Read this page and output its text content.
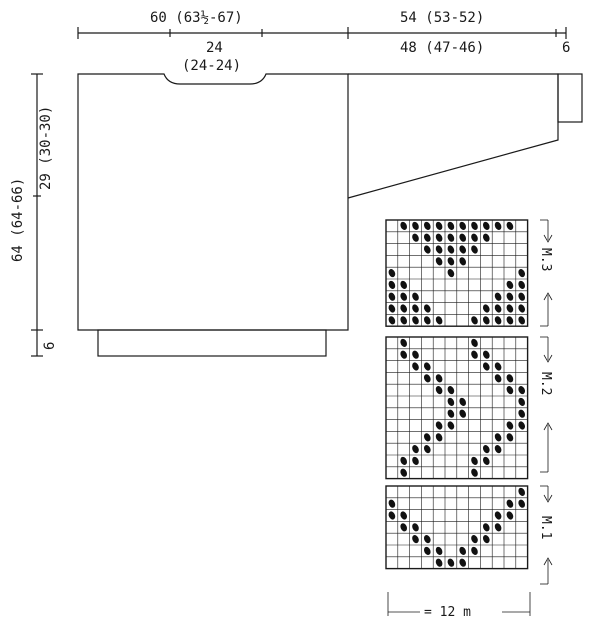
60 (63½-67)	54 (53-52)
24
(24-24)
48 (47-46)	6
64 (64-66)
29 (30-30)
6
M.3
M.2
M.1
= 12 m
